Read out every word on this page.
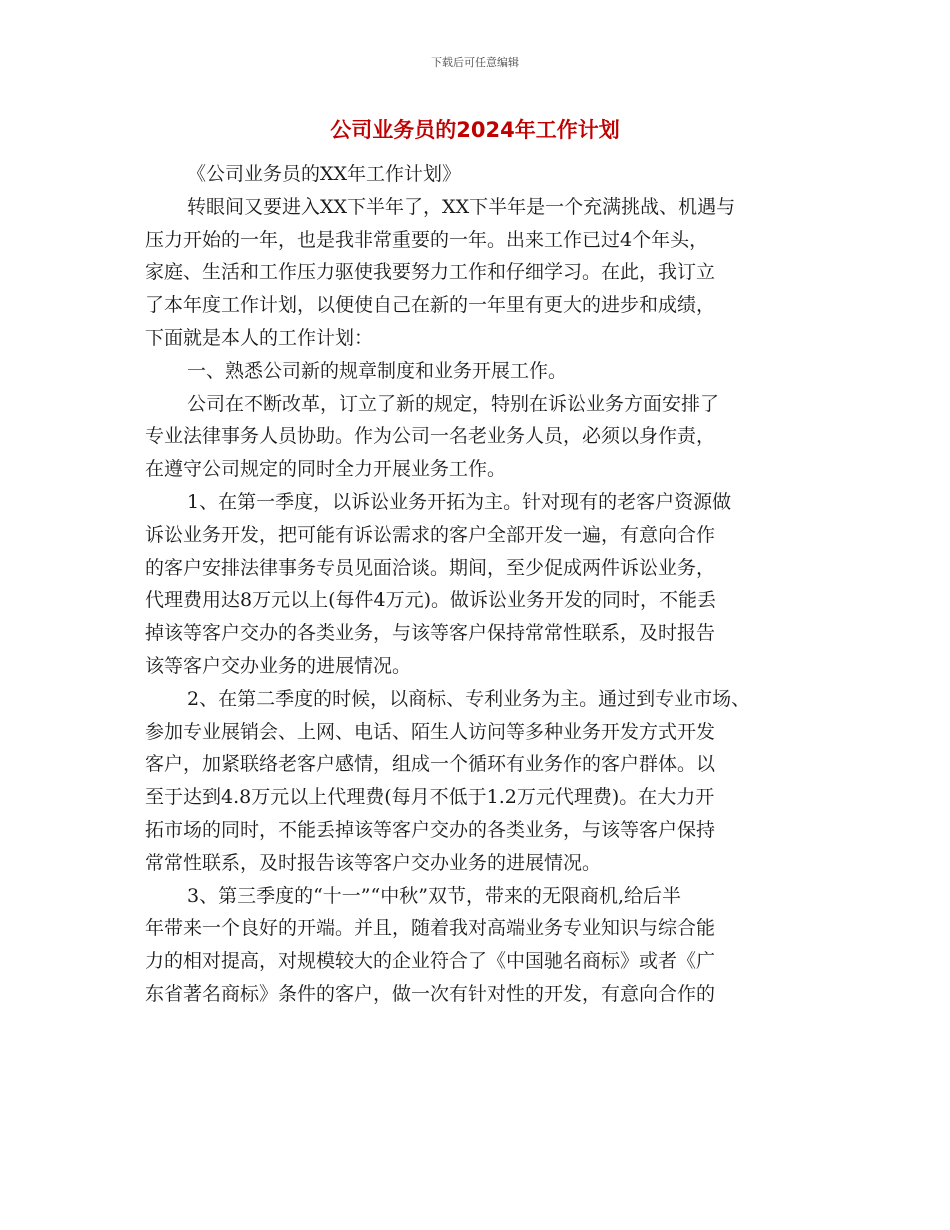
下载后可任意编辑
公司业务员的2024年工作计划
《公司业务员的XX年工作计划》
转眼间又要进入XX下半年了，XX下半年是一个充满挑战、机遇与
压力开始的一年，也是我非常重要的一年。出来工作已过4个年头，
家庭、生活和工作压力驱使我要努力工作和仔细学习。在此，我订立
了本年度工作计划，以便使自己在新的一年里有更大的进步和成绩，
下面就是本人的工作计划：
一、熟悉公司新的规章制度和业务开展工作。
公司在不断改革，订立了新的规定，特别在诉讼业务方面安排了
专业法律事务人员协助。作为公司一名老业务人员，必须以身作责，
在遵守公司规定的同时全力开展业务工作。
1、在第一季度，以诉讼业务开拓为主。针对现有的老客户资源做
诉讼业务开发，把可能有诉讼需求的客户全部开发一遍，有意向合作
的客户安排法律事务专员见面洽谈。期间，至少促成两件诉讼业务，
代理费用达8万元以上(每件4万元)。做诉讼业务开发的同时，不能丢
掉该等客户交办的各类业务，与该等客户保持常常性联系，及时报告
该等客户交办业务的进展情况。
2、在第二季度的时候，以商标、专利业务为主。通过到专业市场、
参加专业展销会、上网、电话、陌生人访问等多种业务开发方式开发
客户，加紧联络老客户感情，组成一个循环有业务作的客户群体。以
至于达到4.8万元以上代理费(每月不低于1.2万元代理费)。在大力开
拓市场的同时，不能丢掉该等客户交办的各类业务，与该等客户保持
常常性联系，及时报告该等客户交办业务的进展情况。
3、第三季度的“十一”“中秋”双节，带来的无限商机,给后半
年带来一个良好的开端。并且，随着我对高端业务专业知识与综合能
力的相对提高，对规模较大的企业符合了《中国驰名商标》或者《广
东省著名商标》条件的客户，做一次有针对性的开发，有意向合作的
